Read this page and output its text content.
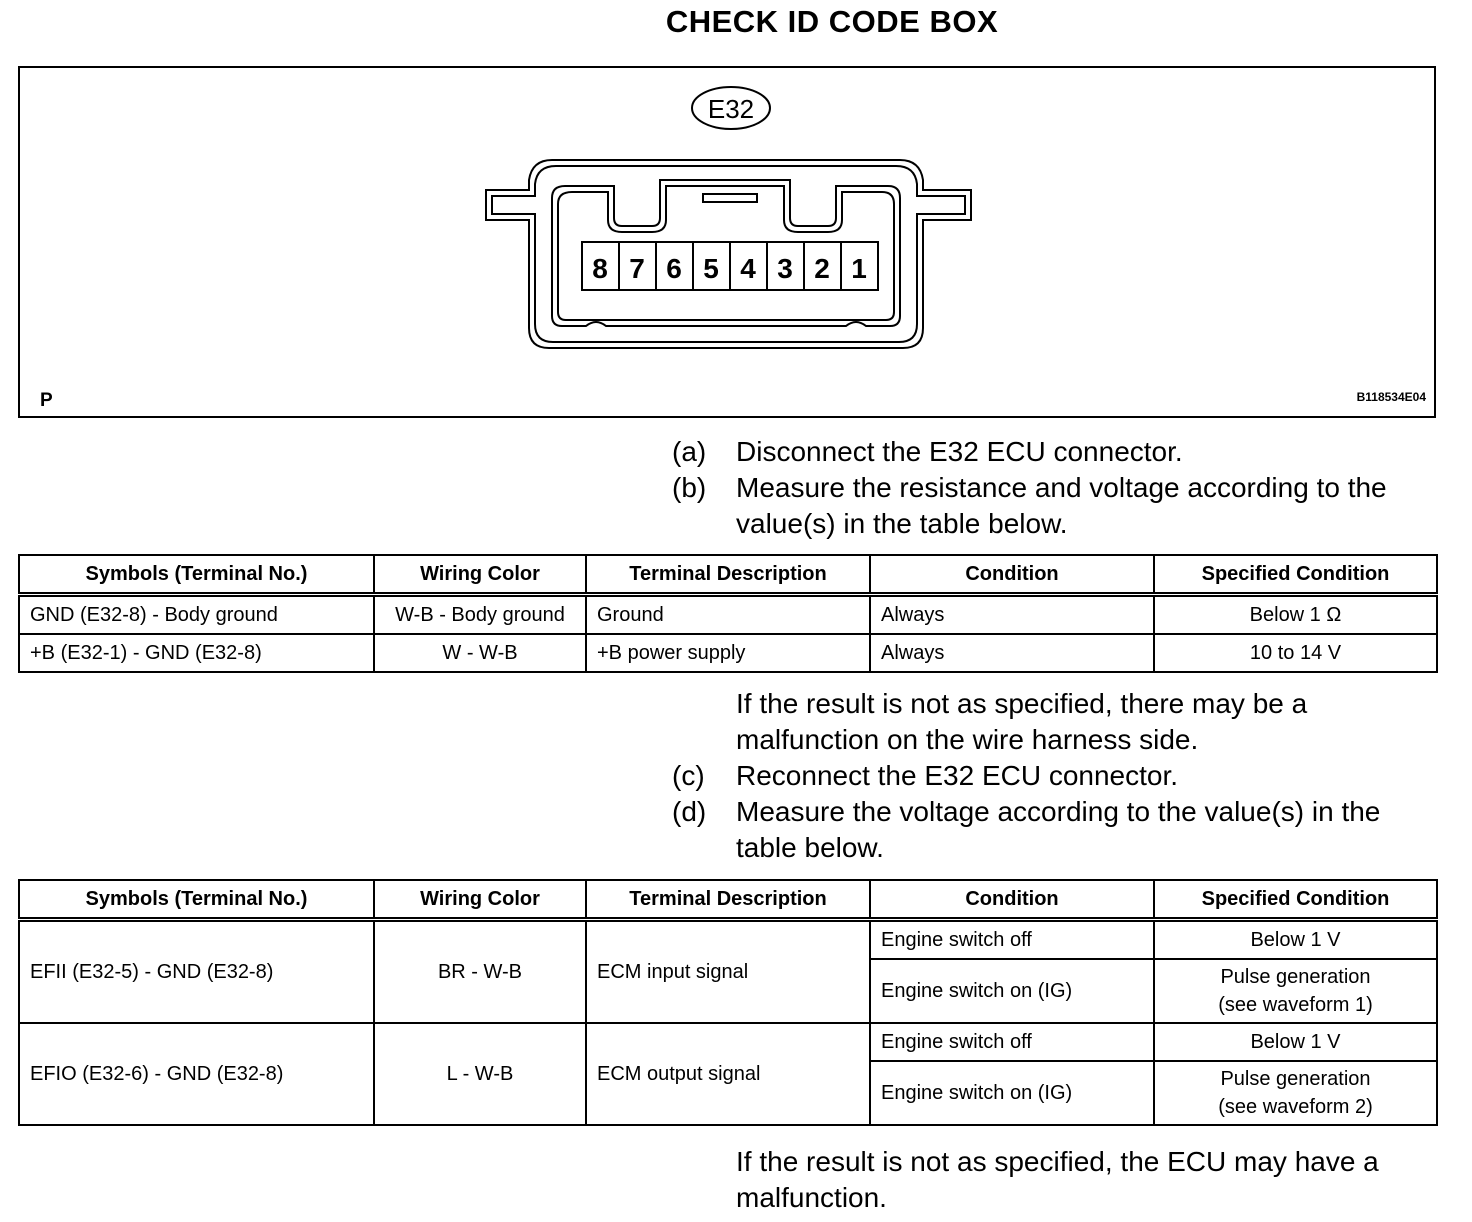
CHECK ID CODE BOX
E32
8 7 6 5 4 3 2 1
P	B118534E04
(a) Disconnect the E32 ECU connector.
(b) Measure the resistance and voltage according to the value(s) in the table below.
Symbols (Terminal No.)	Wiring Color	Terminal Description	Condition	Specified Condition
GND (E32-8) - Body ground	W-B - Body ground	Ground	Always	Below 1 Ω
+B (E32-1) - GND (E32-8)	W - W-B	+B power supply	Always	10 to 14 V
If the result is not as specified, there may be a malfunction on the wire harness side.
(c) Reconnect the E32 ECU connector.
(d) Measure the voltage according to the value(s) in the table below.
Symbols (Terminal No.)	Wiring Color	Terminal Description	Condition	Specified Condition
EFII (E32-5) - GND (E32-8)	BR - W-B	ECM input signal	Engine switch off	Below 1 V
			Engine switch on (IG)	Pulse generation
(see waveform 1)

EFIO (E32-6) - GND (E32-8)	L - W-B	ECM output signal	Engine switch off	Below 1 V
			Engine switch on (IG)	Pulse generation
(see waveform 2)
If the result is not as specified, the ECU may have a malfunction.
